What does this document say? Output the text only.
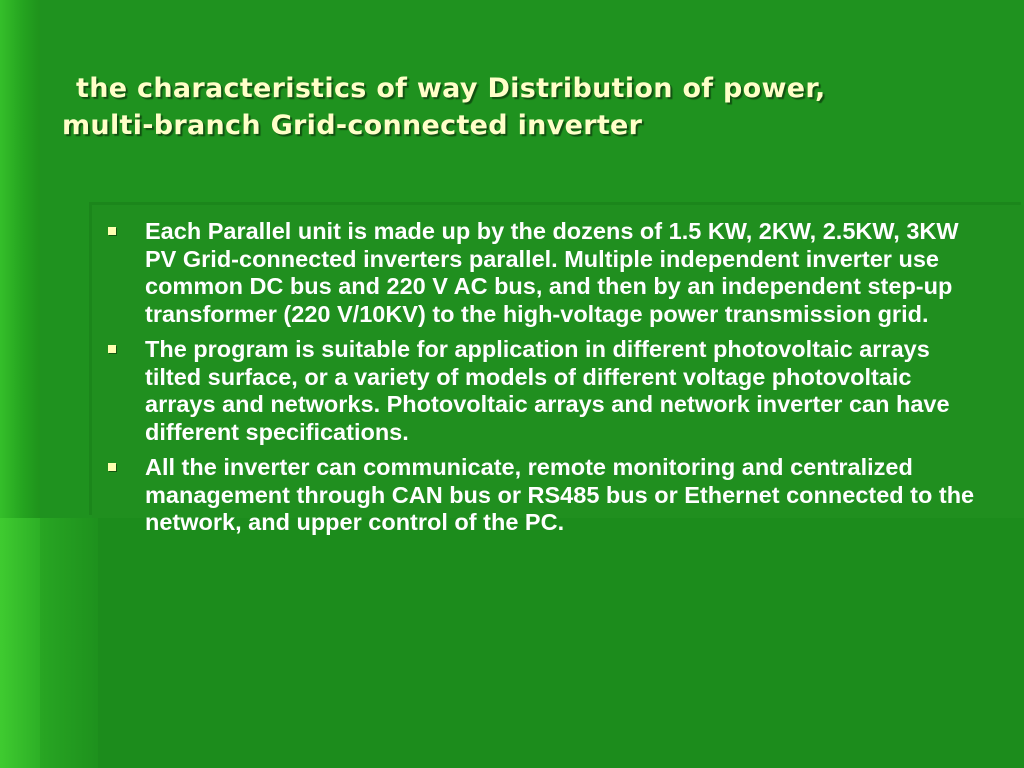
the characteristics of way Distribution of power,
multi-branch Grid-connected inverter
Each Parallel unit is made up by the dozens of 1.5 KW, 2KW, 2.5KW, 3KW PV Grid-connected inverters parallel. Multiple independent inverter use common DC bus and 220 V AC bus, and then by an independent step-up transformer (220 V/10KV) to the high-voltage power transmission grid.
The program is suitable for application in different photovoltaic arrays tilted surface, or a variety of models of different voltage photovoltaic arrays and networks. Photovoltaic arrays and network inverter can have different specifications.
All the inverter can communicate, remote monitoring and centralized management through CAN bus or RS485 bus or Ethernet connected to the network, and upper control of the PC.
